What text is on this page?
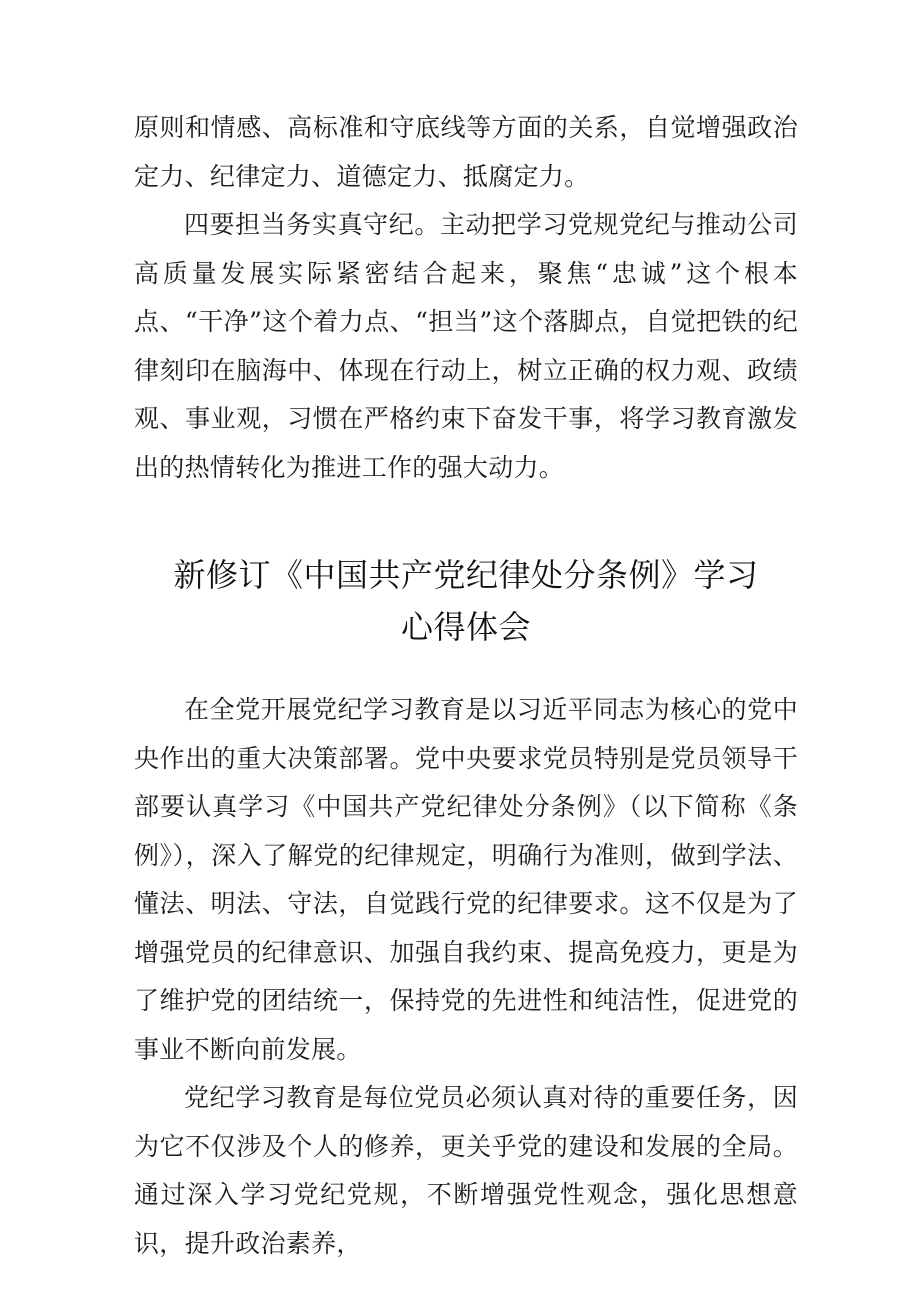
原则和情感、高标准和守底线等方面的关系，自觉增强政治定力、纪律定力、道德定力、抵腐定力。

四要担当务实真守纪。主动把学习党规党纪与推动公司高质量发展实际紧密结合起来，聚焦“忠诚”这个根本点、“干净”这个着力点、“担当”这个落脚点，自觉把铁的纪律刻印在脑海中、体现在行动上，树立正确的权力观、政绩观、事业观，习惯在严格约束下奋发干事，将学习教育激发出的热情转化为推进工作的强大动力。

新修订《中国共产党纪律处分条例》学习
心得体会

在全党开展党纪学习教育是以习近平同志为核心的党中央作出的重大决策部署。党中央要求党员特别是党员领导干部要认真学习《中国共产党纪律处分条例》（以下简称《条例》），深入了解党的纪律规定，明确行为准则，做到学法、懂法、明法、守法，自觉践行党的纪律要求。这不仅是为了增强党员的纪律意识、加强自我约束、提高免疫力，更是为了维护党的团结统一，保持党的先进性和纯洁性，促进党的事业不断向前发展。

党纪学习教育是每位党员必须认真对待的重要任务，因为它不仅涉及个人的修养，更关乎党的建设和发展的全局。通过深入学习党纪党规，不断增强党性观念，强化思想意识，提升政治素养，
